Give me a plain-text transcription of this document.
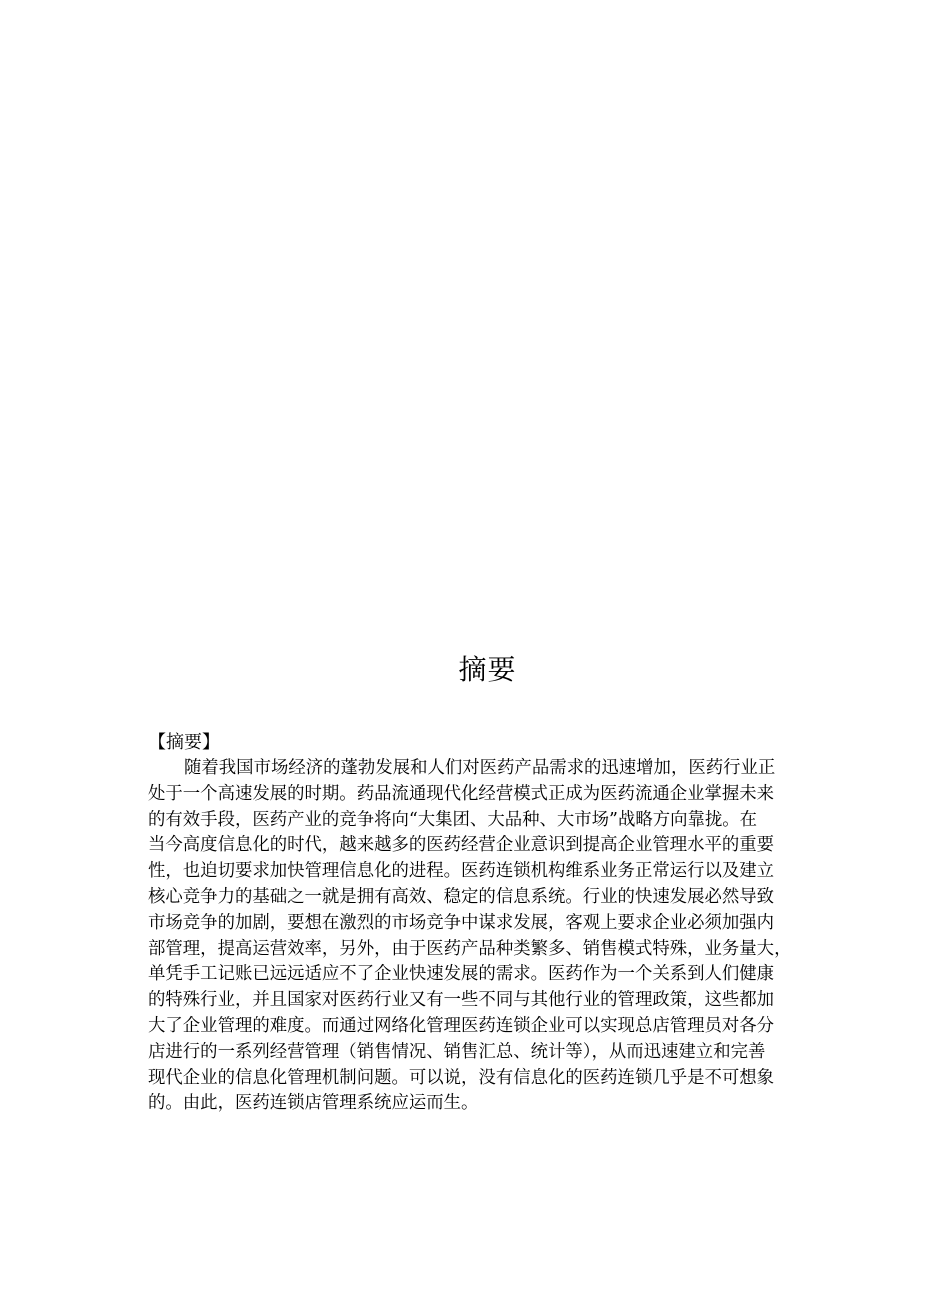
摘要
【摘要】
随着我国市场经济的蓬勃发展和人们对医药产品需求的迅速增加，医药行业正
处于一个高速发展的时期。药品流通现代化经营模式正成为医药流通企业掌握未来
的有效手段，医药产业的竞争将向“大集团、大品种、大市场”战略方向靠拢。在
当今高度信息化的时代，越来越多的医药经营企业意识到提高企业管理水平的重要
性，也迫切要求加快管理信息化的进程。医药连锁机构维系业务正常运行以及建立
核心竞争力的基础之一就是拥有高效、稳定的信息系统。行业的快速发展必然导致
市场竞争的加剧，要想在激烈的市场竞争中谋求发展，客观上要求企业必须加强内
部管理，提高运营效率，另外，由于医药产品种类繁多、销售模式特殊，业务量大，
单凭手工记账已远远适应不了企业快速发展的需求。医药作为一个关系到人们健康
的特殊行业，并且国家对医药行业又有一些不同与其他行业的管理政策，这些都加
大了企业管理的难度。而通过网络化管理医药连锁企业可以实现总店管理员对各分
店进行的一系列经营管理（销售情况、销售汇总、统计等），从而迅速建立和完善
现代企业的信息化管理机制问题。可以说，没有信息化的医药连锁几乎是不可想象
的。由此，医药连锁店管理系统应运而生。
